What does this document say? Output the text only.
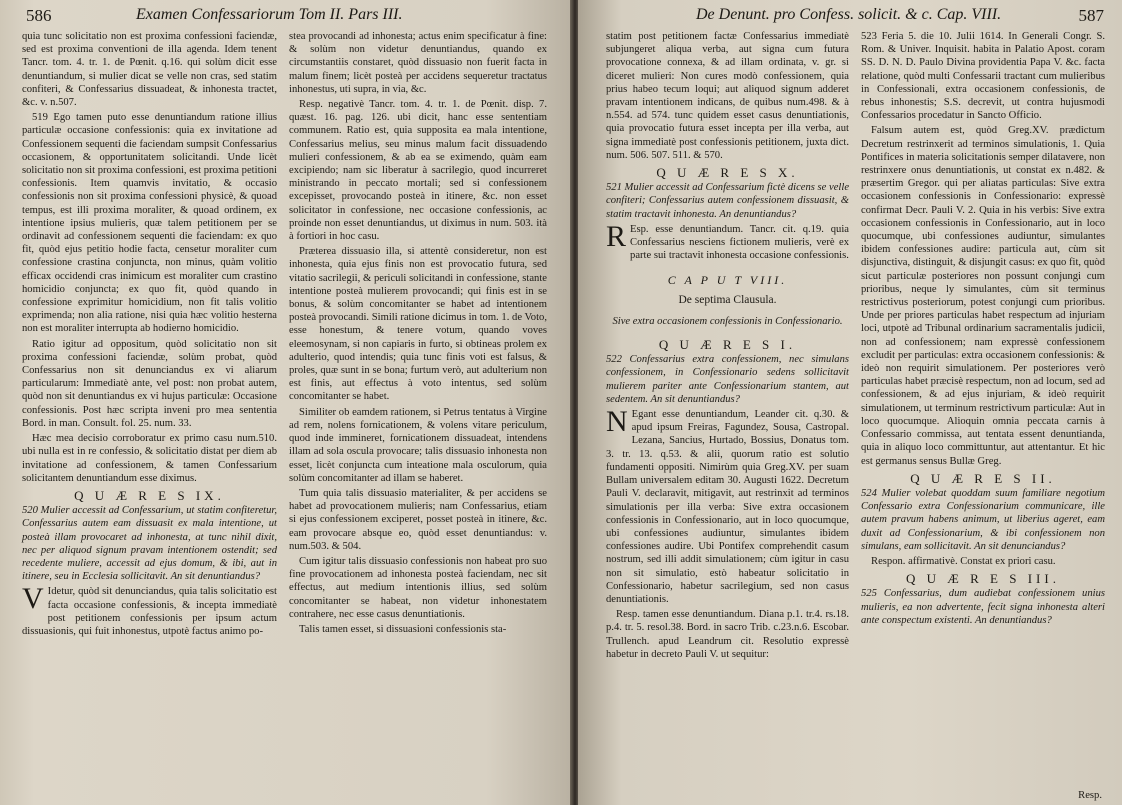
586	Examen Confessariorum Tom II. Pars III.

quia tunc solicitatio non est proxima confessioni faciendæ, sed est proxima conventioni de illa agenda. Idem tenent Tancr. tom. 4. tr. 1. de Pœnit. q.16. qui solùm dicit esse denuntiandum, si mulier dicat se velle non cras, sed statim confiteri, & Confessarius dissuadeat, & inhonesta tractet, &c. v. n.507.

519 Ego tamen puto esse denuntiandum ratione illius particulæ occasione confessionis: quia ex invitatione ad Confessionem sequenti die faciendam sumpsit Confessarius occasionem, & opportunitatem solicitandi. Unde licèt solicitatio non sit proxima confessioni, est proxima petitioni confessionis. Item quamvis invitatio, & occasio confessionis non sit proxima confessioni physicè, & quoad tempus, est illi proxima moraliter, & quoad ordinem, ex intentione ipsius mulieris, quæ talem petitionem per se ordinavit ad confessionem sequenti die faciendam: ex quo fit, quòd ejus petitio hodie facta, censetur moraliter cum confessione crastina conjuncta, non minus, quàm volitio efficax occidendi cras inimicum est moraliter cum crastino homicidio conjuncta; ex quo fit, quòd quando in confessione exprimitur homicidium, non fit talis volitio exprimenda; non alia ratione, nisi quia hæc volitio hesterna non est moraliter interrupta ab hodierno homicidio.

Ratio igitur ad oppositum, quòd solicitatio non sit proxima confessioni faciendæ, solùm probat, quòd Confessarius non sit denunciandus ex vi aliarum particularum: Immediatè ante, vel post: non probat autem, quòd non sit denuntiandus ex vi hujus particulæ: Occasione confessionis. Post hæc scripta inveni pro mea sententia Bord. in man. Consult. fol. 25. num. 33.

Hæc mea decisio corroboratur ex primo casu num.510. ubi nulla est in re confessio, & solicitatio distat per diem ab invitatione ad confessionem, & tamen Confessarium solicitantem denuntiandum esse diximus.

Q U Æ R E S IX.

520 Mulier accessit ad Confessarium, ut statim confiteretur, Confessarius autem eam dissuasit ex mala intentione, ut posteà illam provocaret ad inhonesta, at tunc nihil dixit, nec per aliquod signum pravam intentionem ostendit; sed recedente muliere, accessit ad ejus domum, & ibi, aut in itinere, seu in Ecclesia sollicitavit. An sit denuntiandus?

V Idetur, quòd sit denunciandus, quia talis solicitatio est facta occasione confessionis, & incepta immediatè post petitionem confessionis per ipsum actum dissuasionis, qui fuit inhonestus, utpotè factus animo po-

stea provocandi ad inhonesta; actus enim specificatur à fine: & solùm non videtur denuntiandus, quando ex circumstantiis constaret, quòd dissuasio non fuerit facta in malum finem; licèt posteà per accidens sequeretur tractatus inhonestus, uti supra, in via, &c.

Resp. negativè Tancr. tom. 4. tr. 1. de Pœnit. disp. 7. quæst. 16. pag. 126. ubi dicit, hanc esse sententiam communem. Ratio est, quia supposita ea mala intentione, Confessarius melius, seu minus malum facit dissuadendo mulieri confessionem, & ab ea se eximendo, quàm eam excipiendo; nam sic liberatur à sacrilegio, quod incurreret ministrando in peccato mortali; sed si confessionem excepisset, provocando posteà in itinere, &c. non esset solicitator in confessione, nec occasione confessionis, ac proinde non esset denuntiandus, ut diximus in num. 503. ità à fortiori in hoc casu.

Præterea dissuasio illa, si attentè consideretur, non est inhonesta, quia ejus finis non est provocatio futura, sed vitatio sacrilegii, & periculi solicitandi in confessione, stante intentione posteà mulierem provocandi; qui finis est in se bonus, & solùm concomitanter se habet ad intentionem posteà provocandi. Simili ratione dicimus in tom. 1. de Voto, esse honestum, & tenere votum, quando voves eleemosynam, si non capiaris in furto, si obtineas prolem ex adulterio, quod intendis; quia tunc finis voti est falsus, & proles, quæ sunt in se bona; furtum verò, aut adulterium non est finis, aut effectus à voto intentus, sed solùm concomitanter se habet.

Similiter ob eamdem rationem, si Petrus tentatus à Virgine ad rem, nolens fornicationem, & volens vitare periculum, quod inde immineret, fornicationem dissuadeat, intendens illam ad sola oscula provocare; talis dissuasio inhonesta non esset, licèt conjuncta cum inteatione mala osculorum, quia solùm concomitanter ad illam se haberet.

Tum quia talis dissuasio materialiter, & per accidens se habet ad provocationem mulieris; nam Confessarius, etiam si ejus confessionem exciperet, posset posteà in itinere, &c. eam provocare absque eo, quòd esset denuntiandus: v. num.503. & 504.

Cum igitur talis dissuasio confessionis non habeat pro suo fine provocationem ad inhonesta posteà faciendam, nec sit effectus, aut medium intentionis illius, sed solùm concomitanter se habeat, non videtur inhonestatem contrahere, nec esse casus denuntiationis.

Talis tamen esset, si dissuasioni confessionis sta-

De Denunt. pro Confess. solicit. & c. Cap. VIII.	587

statim post petitionem factæ Confessarius immediatè subjungeret aliqua verba, aut signa cum futura provocatione connexa, & ad illam ordinata, v. gr. si diceret mulieri: Non cures modò confessionem, quia prius habeo tecum loqui; aut aliquod signum adderet pravam intentionem indicans, de quibus num.498. & à n.554. ad 574. tunc quidem esset casus denuntiationis, quia provocatio futura esset incepta per illa verba, aut signa immediatè post confessionis petitionem, juxta dict. num. 506. 507. 511. & 570.

Q U Æ R E S X.

521 Mulier accessit ad Confessarium fictè dicens se velle confiteri; Confessarius autem confessionem dissuasit, & statim tractavit inhonesta. An denuntiandus?

R Esp. esse denuntiandum. Tancr. cit. q.19. quia Confessarius nesciens fictionem mulieris, verè ex parte sui tractavit inhonesta occasione confessionis.

C A P U T VIII.

De septima Clausula.

Sive extra occasionem confessionis in Confessionario.

Q U Æ R E S I.

522 Confessarius extra confessionem, nec simulans confessionem, in Confessionario sedens sollicitavit mulierem pariter ante Confessionarium stantem, aut sedentem. An sit denuntiandus?

N Egant esse denuntiandum, Leander cit. q.30. & apud ipsum Freiras, Fagundez, Sousa, Castropal. Lezana, Sancius, Hurtado, Bossius, Donatus tom. 3. tr. 13. q.53. & alii, quorum ratio est solutio fundamenti oppositi. Nimirùm quia Greg.XV. per suam Bullam universalem editam 30. Augusti 1622. Decretum Pauli V. declaravit, mitigavit, aut restrinxit ad terminos simulationis per illa verba: Sive extra occasionem confessionis in Confessionario, aut in loco quocumque, ubi confessiones audiuntur, simulantes ibidem confessiones audire. Ubi Pontifex comprehendit casum nostrum, sed illi addit simulationem; cùm igitur in casu non sit simulatio, estò habeatur solicitatio in Confessionario, habetur sacrilegium, sed non casus denuntiationis.

Resp. tamen esse denuntiandum. Diana p.1. tr.4. rs.18. p.4. tr. 5. resol.38. Bord. in sacro Trib. c.23.n.6. Escobar. Trullench. apud Leandrum cit. Resolutio expressè habetur in decreto Pauli V. ut sequitur:

523 Feria 5. die 10. Julii 1614. In Generali Congr. S. Rom. & Univer. Inquisit. habita in Palatio Apost. coram SS. D. N. D. Paulo Divina providentia Papa V. &c. facta relatione, quòd multi Confessarii tractant cum mulieribus in Confessionali, extra occasionem confessionis, de rebus inhonestis; S.S. decrevit, ut contra hujusmodi Confessarios procedatur in Sancto Officio.

Falsum autem est, quòd Greg.XV. prædictum Decretum restrinxerit ad terminos simulationis, 1. Quia Pontifices in materia solicitationis semper dilatavere, non restrinxere onus denuntiationis, ut constat ex n.482. & præsertim Gregor. qui per aliatas particulas: Sive extra occasionem confessionis in Confessionario: expressè confirmat Decr. Pauli V. 2. Quia in his verbis: Sive extra occasionem confessionis in Confessionario, aut in loco quocumque, ubi confessiones audiuntur, simulantes ibidem confessiones audire: particula aut, cùm sit disjunctiva, distinguit, & disjungit casus: ex quo fit, quòd sicut particulæ posteriores non possunt conjungi cum prioribus, neque ly simulantes, cùm sit terminus restrictivus posteriorum, potest conjungi cum prioribus. Unde per priores particulas habet respectum ad injuriam loci, utpotè ad Tribunal ordinarium sacramentalis judicii, non ad confessionem; nam expressè confessionem excludit per particulas: extra occasionem confessionis: & ideò non requirit simulationem. Per posteriores verò particulas habet præcisè respectum, non ad locum, sed ad confessionem, & ad ejus injuriam, & ideò requirit simulationem, ut terminum restrictivum particulæ: Aut in loco quocumque. Alioquin omnia peccata carnis à Confessario commissa, aut tentata essent denuntianda, quia in aliquo loco committuntur, aut attentantur. Et hic est germanus sensus Bullæ Greg.

Q U Æ R E S II.

524 Mulier volebat quoddam suum familiare negotium Confessario extra Confessionarium communicare, ille autem pravum habens animum, ut liberius ageret, eam duxit ad Confessionarium, & ibi confessionem non simulans, eam sollicitavit. An sit denunciandus?

Respon. affirmativè. Constat ex priori casu.

Q U Æ R E S III.

525 Confessarius, dum audiebat confessionem unius mulieris, ea non advertente, fecit signa inhonesta alteri ante conspectum existenti. An denuntiandus?

Resp.
